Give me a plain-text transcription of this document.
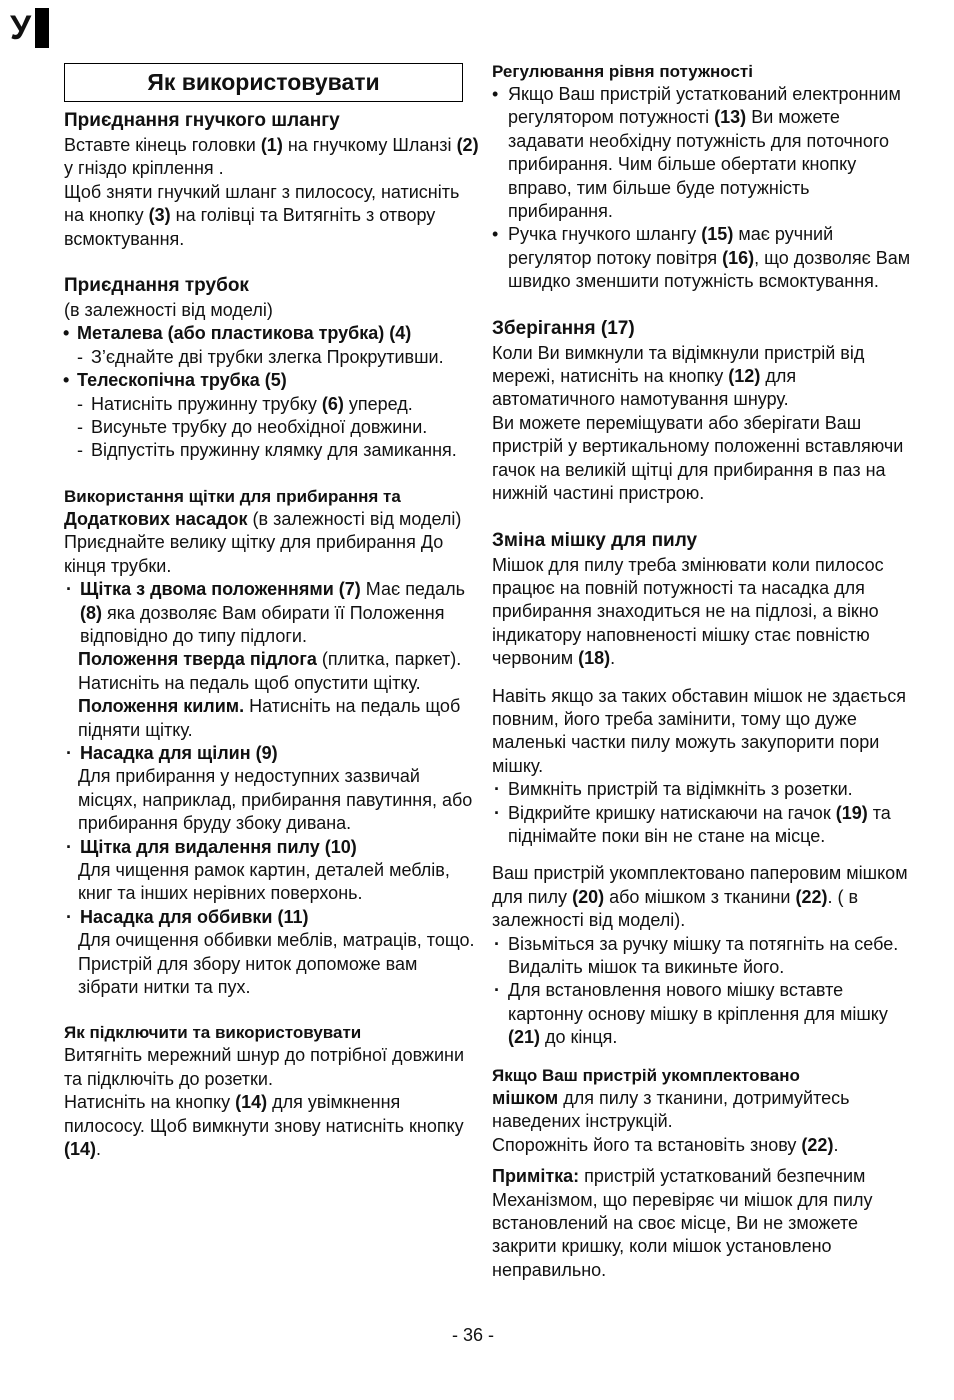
У
Як використовувати
Приєднання гнучкого шлангу

Вставте кінець головки (1) на гнучкому Шланзі (2) у гніздо кріплення .

Щоб зняти гнучкий шланг з пилососу, натисніть на кнопку (3) на голівці та Витягніть з отвору всмоктування.

Приєднання трубок

(в залежності від моделі)

• Металева (або пластикова трубка) (4)

- З’єднайте дві трубки злегка Прокрутивши.

• Телескопічна трубка (5)

- Натисніть пружинну трубку (6) уперед.

- Висуньте трубку до необхідної довжини.

- Відпустіть пружинну клямку для замикання.

Використання щітки для прибирання та

Додаткових насадок (в залежності від моделі)

Приєднайте велику щітку для прибирання До кінця трубки.

· Щітка з двома положеннями (7) Має педаль (8) яка дозволяє Вам обирати її Положення відповідно до типу підлоги.

Положення тверда підлога (плитка, паркет). Натисніть на педаль щоб опустити щітку.

Положення килим. Натисніть на педаль щоб підняти щітку.

· Насадка для щілин (9)

Для прибирання у недоступних зазвичай місцях, наприклад, прибирання павутиння, або прибирання бруду збоку дивана.

· Щітка для видалення пилу (10)

Для чищення рамок картин, деталей меблів, книг та інших нерівних поверхонь.

· Насадка для оббивки (11)

Для очищення оббивки меблів, матраців, тощо. Пристрій для збору ниток допоможе вам зібрати нитки та пух.

Як підключити та використовувати

Витягніть мережний шнур до потрібної довжини та підключіть до розетки.

Натисніть на кнопку (14) для увімкнення пилососу. Щоб вимкнути знову натисніть кнопку (14).

Регулювання рівня потужності

• Якщо Ваш пристрій устаткований електронним регулятором потужності (13) Ви можете задавати необхідну потужність для поточного прибирання. Чим більше обертати кнопку вправо, тим більше буде потужність прибирання.

• Ручка гнучкого шлангу (15) має ручний регулятор потоку повітря (16), що дозволяє Вам швидко зменшити потужність всмоктування.

Зберігання (17)

Коли Ви вимкнули та відімкнули пристрій від мережі, натисніть на кнопку (12) для автоматичного намотування шнуру.

Ви можете переміщувати або зберігати Ваш пристрій у вертикальному положенні вставляючи гачок на великій щітці для прибирання в паз на нижній частині пристрою.

Зміна мішку для пилу

Мішок для пилу треба змінювати коли пилосос працює на повній потужності та насадка для прибирання знаходиться не на підлозі, а вікно індикатору наповненості мішку стає повністю червоним (18).

Навіть якщо за таких обставин мішок не здається повним, його треба замінити, тому що дуже маленькі частки пилу можуть закупорити пори мішку.

· Вимкніть пристрій та відімкніть з розетки.

· Відкрийте кришку натискаючи на гачок (19) та піднімайте поки він не стане на місце.

Ваш пристрій укомплектовано паперовим мішком для пилу (20) або мішком з тканини (22). ( в залежності від моделі).

· Візьміться за ручку мішку та потягніть на себе. Видаліть мішок та викиньте його.

· Для встановлення нового мішку вставте картонну основу мішку в кріплення для мішку (21) до кінця.

Якщо Ваш пристрій укомплектовано
мішком для пилу з тканини, дотримуйтесь наведених інструкцій.

Спорожніть його та встановіть знову (22).

Примітка: пристрій устаткований безпечним Механізмом, що перевіряє чи мішок для пилу встановлений на своє місце, Ви не зможете закрити кришку, коли мішок установлено неправильно.

- 36 -
